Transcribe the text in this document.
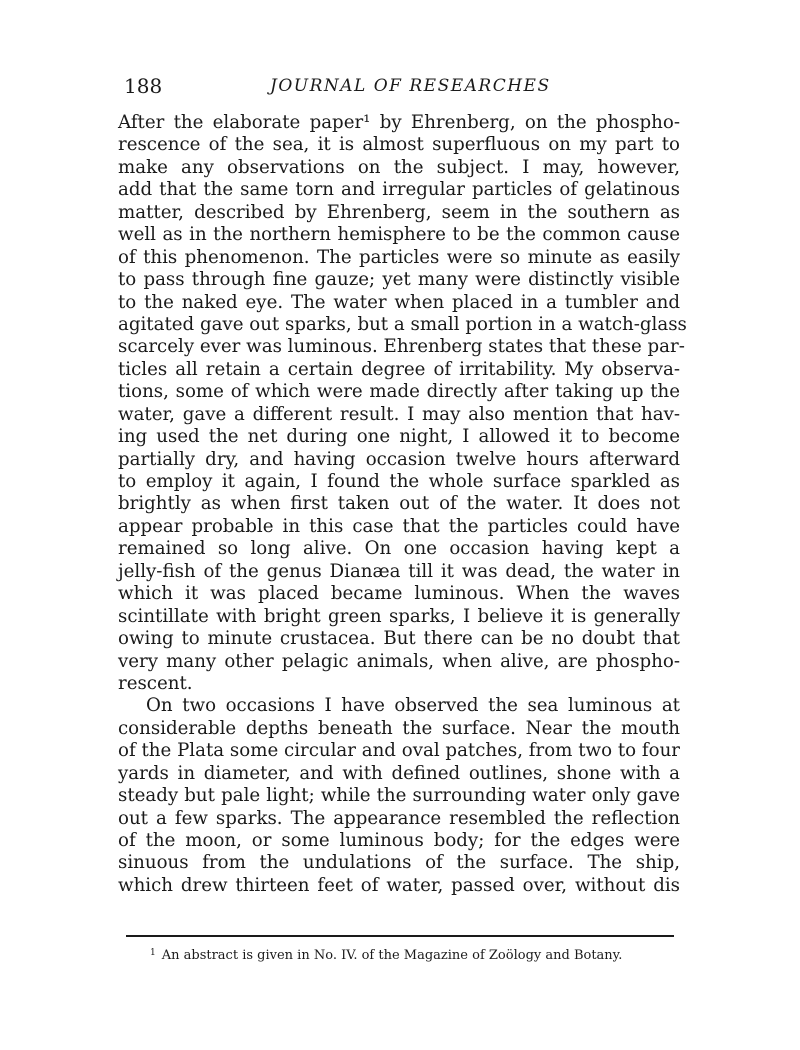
188	JOURNAL OF RESEARCHES
After the elaborate paper¹ by Ehrenberg, on the phospho-
rescence of the sea, it is almost superfluous on my part to
make any observations on the subject. I may, however,
add that the same torn and irregular particles of gelatinous
matter, described by Ehrenberg, seem in the southern as
well as in the northern hemisphere to be the common cause
of this phenomenon. The particles were so minute as easily
to pass through fine gauze; yet many were distinctly visible
to the naked eye. The water when placed in a tumbler and
agitated gave out sparks, but a small portion in a watch-glass
scarcely ever was luminous. Ehrenberg states that these par-
ticles all retain a certain degree of irritability. My observa-
tions, some of which were made directly after taking up the
water, gave a different result. I may also mention that hav-
ing used the net during one night, I allowed it to become
partially dry, and having occasion twelve hours afterward
to employ it again, I found the whole surface sparkled as
brightly as when first taken out of the water. It does not
appear probable in this case that the particles could have
remained so long alive. On one occasion having kept a
jelly-fish of the genus Dianæa till it was dead, the water in
which it was placed became luminous. When the waves
scintillate with bright green sparks, I believe it is generally
owing to minute crustacea. But there can be no doubt that
very many other pelagic animals, when alive, are phospho-
rescent.
On two occasions I have observed the sea luminous at
considerable depths beneath the surface. Near the mouth
of the Plata some circular and oval patches, from two to four
yards in diameter, and with defined outlines, shone with a
steady but pale light; while the surrounding water only gave
out a few sparks. The appearance resembled the reflection
of the moon, or some luminous body; for the edges were
sinuous from the undulations of the surface. The ship,
which drew thirteen feet of water, passed over, without dis
$^1$ An abstract is given in No. IV. of the Magazine of Zoölogy and Botany.
